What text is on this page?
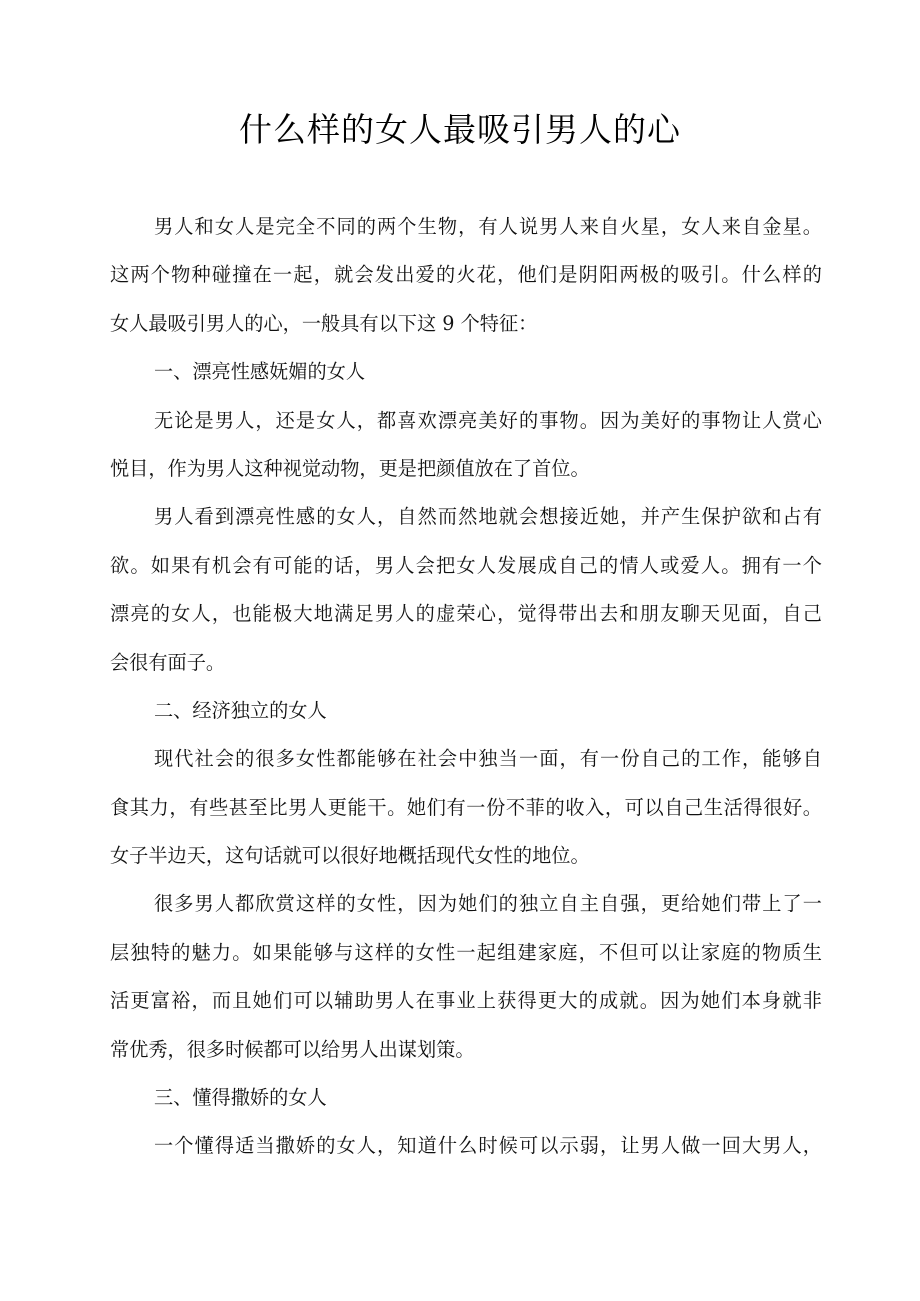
什么样的女人最吸引男人的心
男人和女人是完全不同的两个生物，有人说男人来自火星，女人来自金星。
这两个物种碰撞在一起，就会发出爱的火花，他们是阴阳两极的吸引。什么样的
女人最吸引男人的心，一般具有以下这 9 个特征：
一、漂亮性感妩媚的女人
无论是男人，还是女人，都喜欢漂亮美好的事物。因为美好的事物让人赏心
悦目，作为男人这种视觉动物，更是把颜值放在了首位。
男人看到漂亮性感的女人，自然而然地就会想接近她，并产生保护欲和占有
欲。如果有机会有可能的话，男人会把女人发展成自己的情人或爱人。拥有一个
漂亮的女人，也能极大地满足男人的虚荣心，觉得带出去和朋友聊天见面，自己
会很有面子。
二、经济独立的女人
现代社会的很多女性都能够在社会中独当一面，有一份自己的工作，能够自
食其力，有些甚至比男人更能干。她们有一份不菲的收入，可以自己生活得很好。
女子半边天，这句话就可以很好地概括现代女性的地位。
很多男人都欣赏这样的女性，因为她们的独立自主自强，更给她们带上了一
层独特的魅力。如果能够与这样的女性一起组建家庭，不但可以让家庭的物质生
活更富裕，而且她们可以辅助男人在事业上获得更大的成就。因为她们本身就非
常优秀，很多时候都可以给男人出谋划策。
三、懂得撒娇的女人
一个懂得适当撒娇的女人，知道什么时候可以示弱，让男人做一回大男人，
